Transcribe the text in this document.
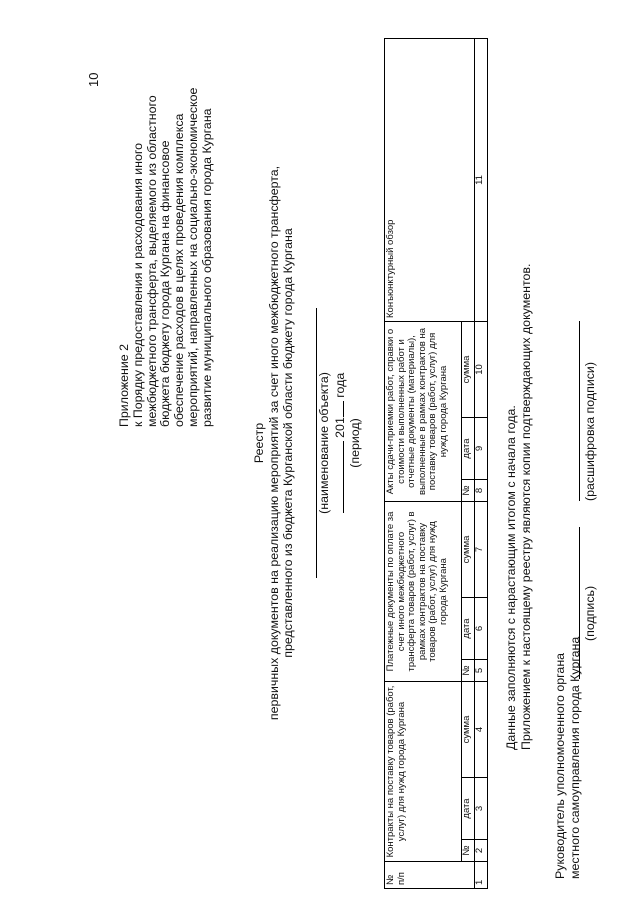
10
Приложение 2 к Порядку предоставления и расходования иного межбюджетного трансферта, выделяемого из областного бюджета бюджету города Кургана на финансовое обеспечение расходов в целях проведения комплекса мероприятий, направленных на социально-экономическое развитие муниципального образования города Кургана
Реестр первичных документов на реализацию мероприятий за счет иного межбюджетного трансферта, представленного из бюджета Курганской области бюджету города Кургана (наименование объекта) 201 года
(период)
№ п/п	Контракты на поставку товаров (работ, услуг) для нужд города Кургана			Платежные документы по оплате за счет иного межбюджетного трансферта товаров (работ, услуг) в рамках контрактов на поставку товаров (работ, услуг) для нужд города Кургана			Акты сдачи-приемки работ, справки о стоимости выполненных работ и отчетные документы (материалы), выполненные в рамках контрактов на поставку товаров (работ, услуг) для нужд города Кургана			Конъюнктурный обзор
	№	дата	сумма	№	дата	сумма	№	дата	сумма	
1	2	3	4	5	6	7	8	9	10	11
Данные заполняются с нарастающим итогом с начала года. Приложением к настоящему реестру являются копии подтверждающих документов.
Руководитель уполномоченного органа местного самоуправления города Кургана
(подпись)
(расшифровка подписи)
